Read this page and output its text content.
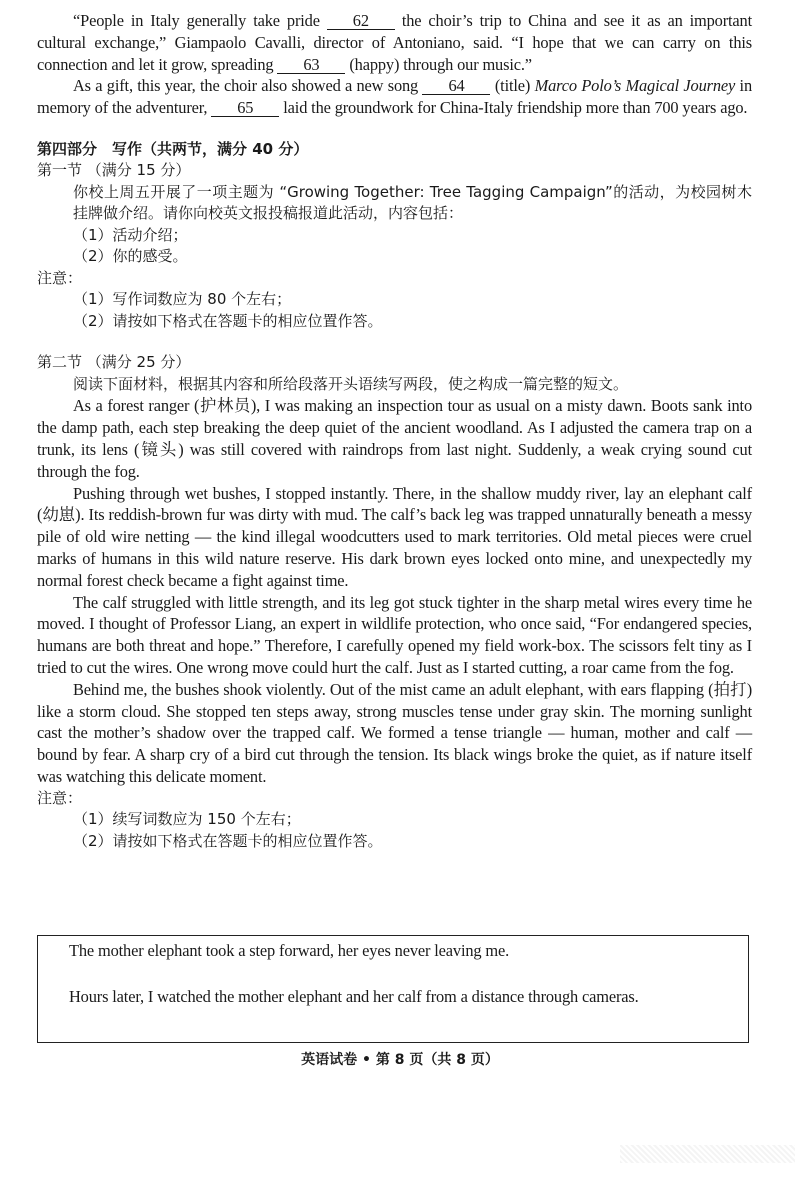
“People in Italy generally take pride 62 the choir’s trip to China and see it as an important cultural exchange,” Giampaolo Cavalli, director of Antoniano, said. “I hope that we can carry on this connection and let it grow, spreading 63 (happy) through our music.”

As a gift, this year, the choir also showed a new song 64 (title) Marco Polo’s Magical Journey in memory of the adventurer, 65 laid the groundwork for China-Italy friendship more than 700 years ago.

第四部分　写作（共两节，满分 40 分）

第一节 （满分 15 分）

你校上周五开展了一项主题为 “Growing Together: Tree Tagging Campaign”的活动，为校园树木挂牌做介绍。请你向校英文报投稿报道此活动，内容包括：

（1）活动介绍；

（2）你的感受。

注意：

（1）写作词数应为 80 个左右；

（2）请按如下格式在答题卡的相应位置作答。

第二节 （满分 25 分）

阅读下面材料，根据其内容和所给段落开头语续写两段，使之构成一篇完整的短文。

As a forest ranger (护林员), I was making an inspection tour as usual on a misty dawn. Boots sank into the damp path, each step breaking the deep quiet of the ancient woodland. As I adjusted the camera trap on a trunk, its lens (镜头) was still covered with raindrops from last night. Suddenly, a weak crying sound cut through the fog.

Pushing through wet bushes, I stopped instantly. There, in the shallow muddy river, lay an elephant calf (幼崽). Its reddish-brown fur was dirty with mud. The calf’s back leg was trapped unnaturally beneath a messy pile of old wire netting — the kind illegal woodcutters used to mark territories. Old metal pieces were cruel marks of humans in this wild nature reserve. His dark brown eyes locked onto mine, and unexpectedly my normal forest check became a fight against time.

The calf struggled with little strength, and its leg got stuck tighter in the sharp metal wires every time he moved. I thought of Professor Liang, an expert in wildlife protection, who once said, “For endangered species, humans are both threat and hope.” Therefore, I carefully opened my field work-box. The scissors felt tiny as I tried to cut the wires. One wrong move could hurt the calf. Just as I started cutting, a roar came from the fog.

Behind me, the bushes shook violently. Out of the mist came an adult elephant, with ears flapping (拍打) like a storm cloud. She stopped ten steps away, strong muscles tense under gray skin. The morning sunlight cast the mother’s shadow over the trapped calf. We formed a tense triangle — human, mother and calf — bound by fear. A sharp cry of a bird cut through the tension. Its black wings broke the quiet, as if nature itself was watching this delicate moment.

注意：

（1）续写词数应为 150 个左右；

（2）请按如下格式在答题卡的相应位置作答。

The mother elephant took a step forward, her eyes never leaving me.

Hours later, I watched the mother elephant and her calf from a distance through cameras.

英语试卷 • 第 8 页（共 8 页）
